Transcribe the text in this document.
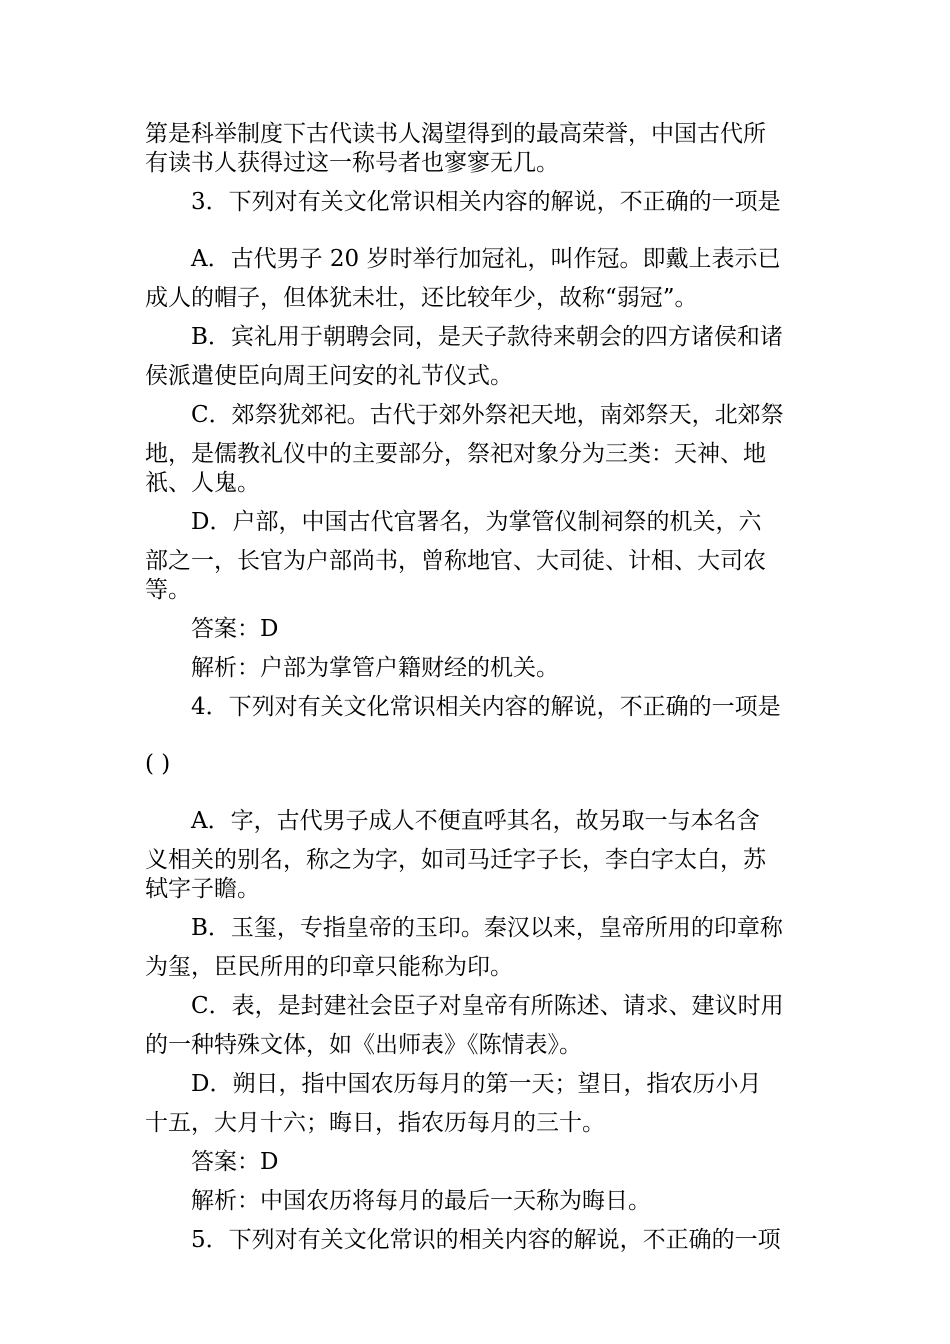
第是科举制度下古代读书人渴望得到的最高荣誉，中国古代所
有读书人获得过这一称号者也寥寥无几。
3．下列对有关文化常识相关内容的解说，不正确的一项是
A．古代男子 20 岁时举行加冠礼，叫作冠。即戴上表示已
成人的帽子，但体犹未壮，还比较年少，故称“弱冠”。
B．宾礼用于朝聘会同，是天子款待来朝会的四方诸侯和诸
侯派遣使臣向周王问安的礼节仪式。
C．郊祭犹郊祀。古代于郊外祭祀天地，南郊祭天，北郊祭
地，是儒教礼仪中的主要部分，祭祀对象分为三类：天神、地
祇、人鬼。
D．户部，中国古代官署名，为掌管仪制祠祭的机关，六
部之一，长官为户部尚书，曾称地官、大司徒、计相、大司农
等。
答案：D
解析：户部为掌管户籍财经的机关。
4．下列对有关文化常识相关内容的解说，不正确的一项是
( )
A．字，古代男子成人不便直呼其名，故另取一与本名含
义相关的别名，称之为字，如司马迁字子长，李白字太白，苏
轼字子瞻。
B．玉玺，专指皇帝的玉印。秦汉以来，皇帝所用的印章称
为玺，臣民所用的印章只能称为印。
C．表，是封建社会臣子对皇帝有所陈述、请求、建议时用
的一种特殊文体，如《出师表》《陈情表》。
D．朔日，指中国农历每月的第一天；望日，指农历小月
十五，大月十六；晦日，指农历每月的三十。
答案：D
解析：中国农历将每月的最后一天称为晦日。
5．下列对有关文化常识的相关内容的解说，不正确的一项
